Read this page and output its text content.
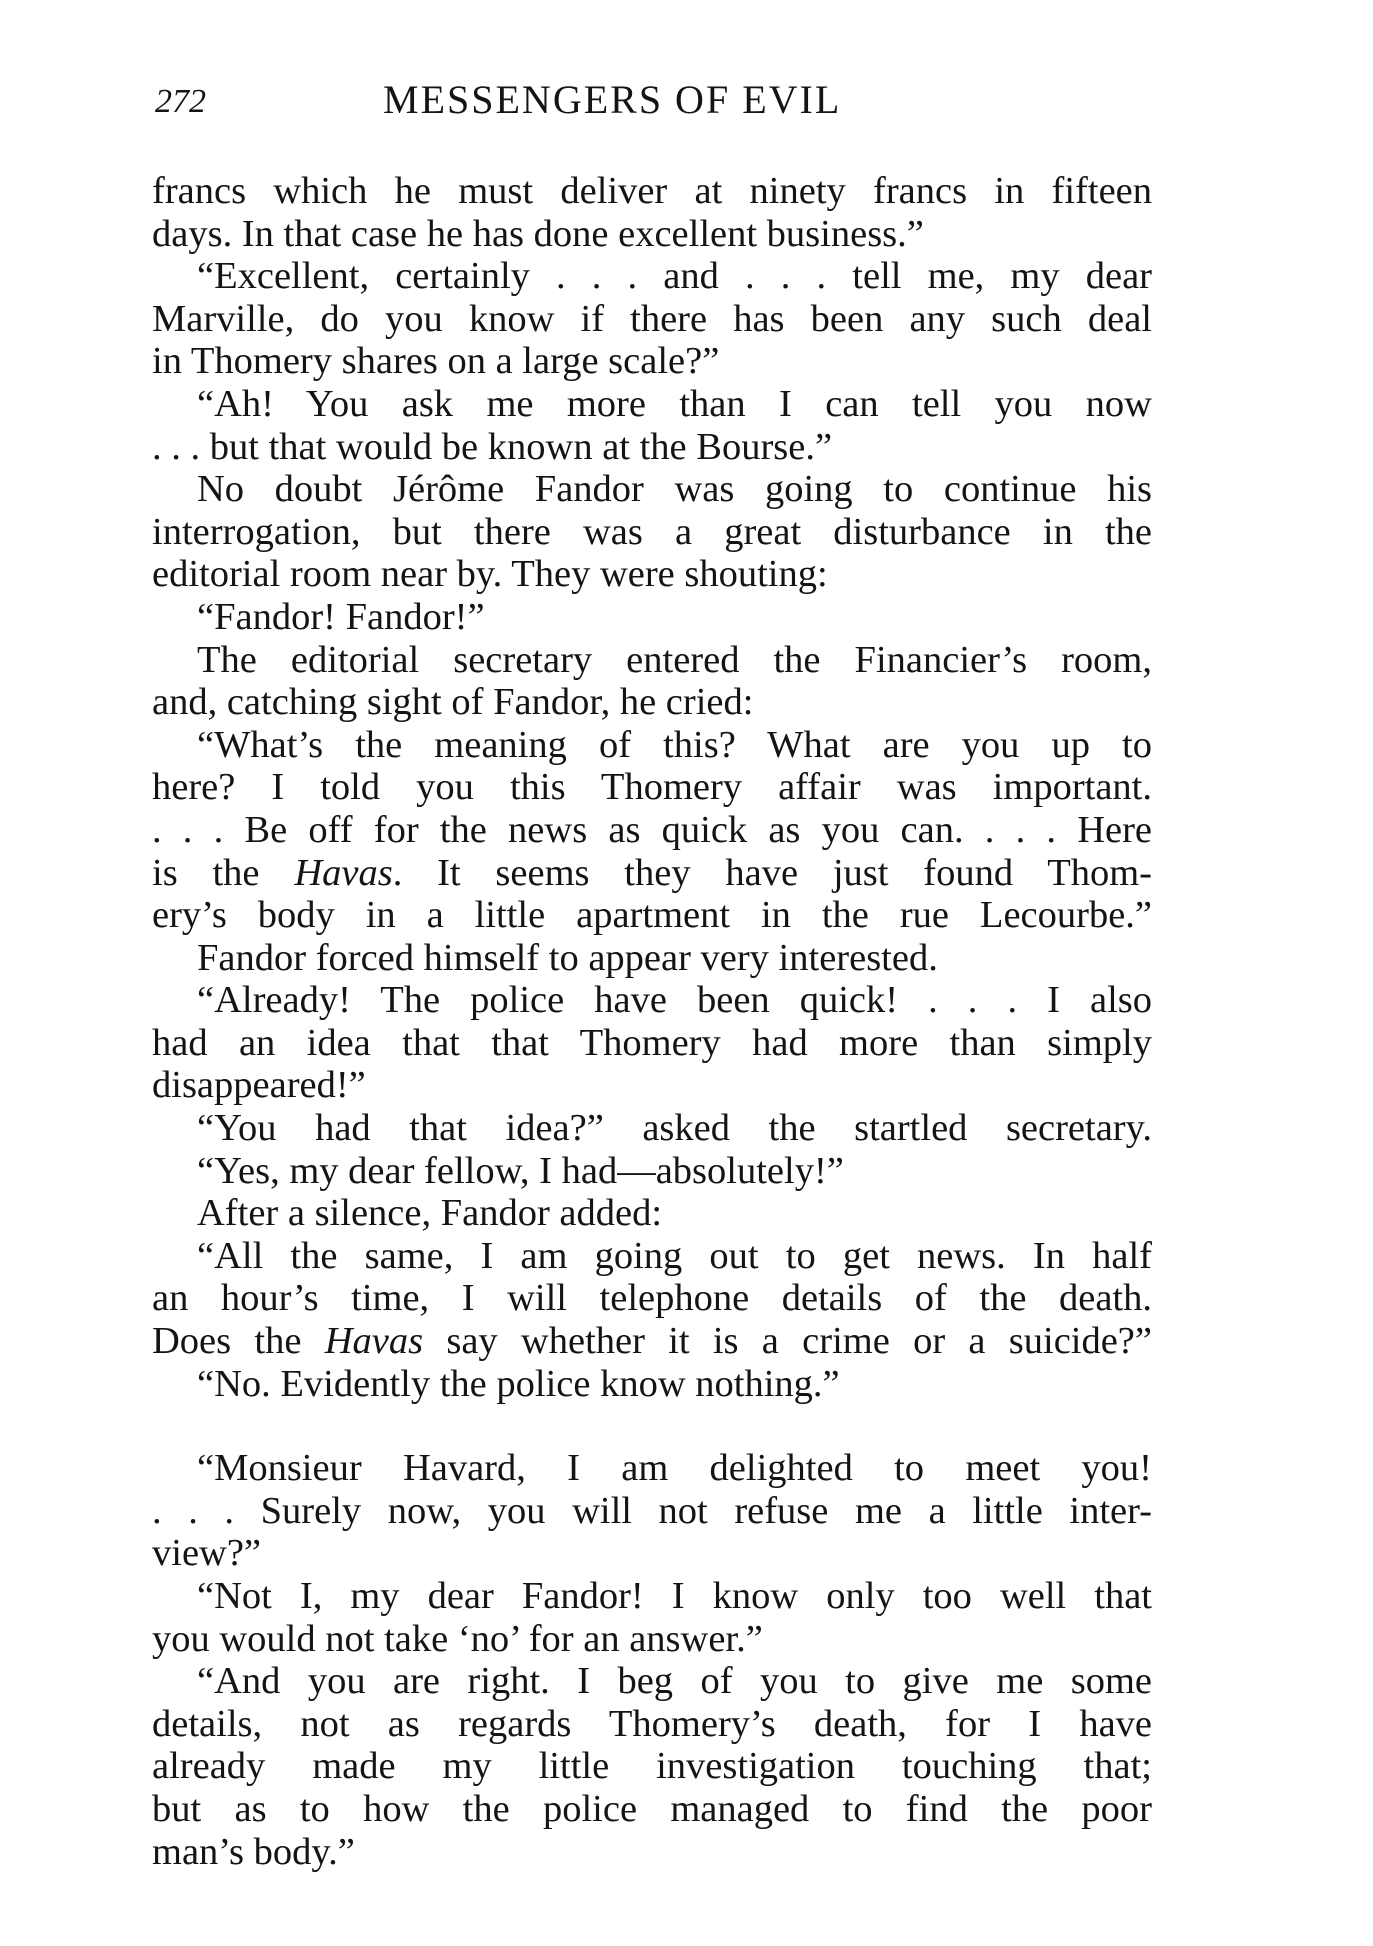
272	MESSENGERS OF EVIL
francs which he must deliver at ninety francs in fifteen
days. In that case he has done excellent business.”
“Excellent, certainly . . . and . . . tell me, my dear
Marville, do you know if there has been any such deal
in Thomery shares on a large scale?”
“Ah! You ask me more than I can tell you now
. . . but that would be known at the Bourse.”
No doubt Jérôme Fandor was going to continue his
interrogation, but there was a great disturbance in the
editorial room near by. They were shouting:
“Fandor! Fandor!”
The editorial secretary entered the Financier’s room,
and, catching sight of Fandor, he cried:
“What’s the meaning of this? What are you up to
here? I told you this Thomery affair was important.
. . . Be off for the news as quick as you can. . . . Here
is the Havas. It seems they have just found Thom-
ery’s body in a little apartment in the rue Lecourbe.”
Fandor forced himself to appear very interested.
“Already! The police have been quick! . . . I also
had an idea that that Thomery had more than simply
disappeared!”
“You had that idea?” asked the startled secretary.
“Yes, my dear fellow, I had—absolutely!”
After a silence, Fandor added:
“All the same, I am going out to get news. In half
an hour’s time, I will telephone details of the death.
Does the Havas say whether it is a crime or a suicide?”
“No. Evidently the police know nothing.”
“Monsieur Havard, I am delighted to meet you!
. . . Surely now, you will not refuse me a little inter-
view?”
“Not I, my dear Fandor! I know only too well that
you would not take ‘no’ for an answer.”
“And you are right. I beg of you to give me some
details, not as regards Thomery’s death, for I have
already made my little investigation touching that;
but as to how the police managed to find the poor
man’s body.”
